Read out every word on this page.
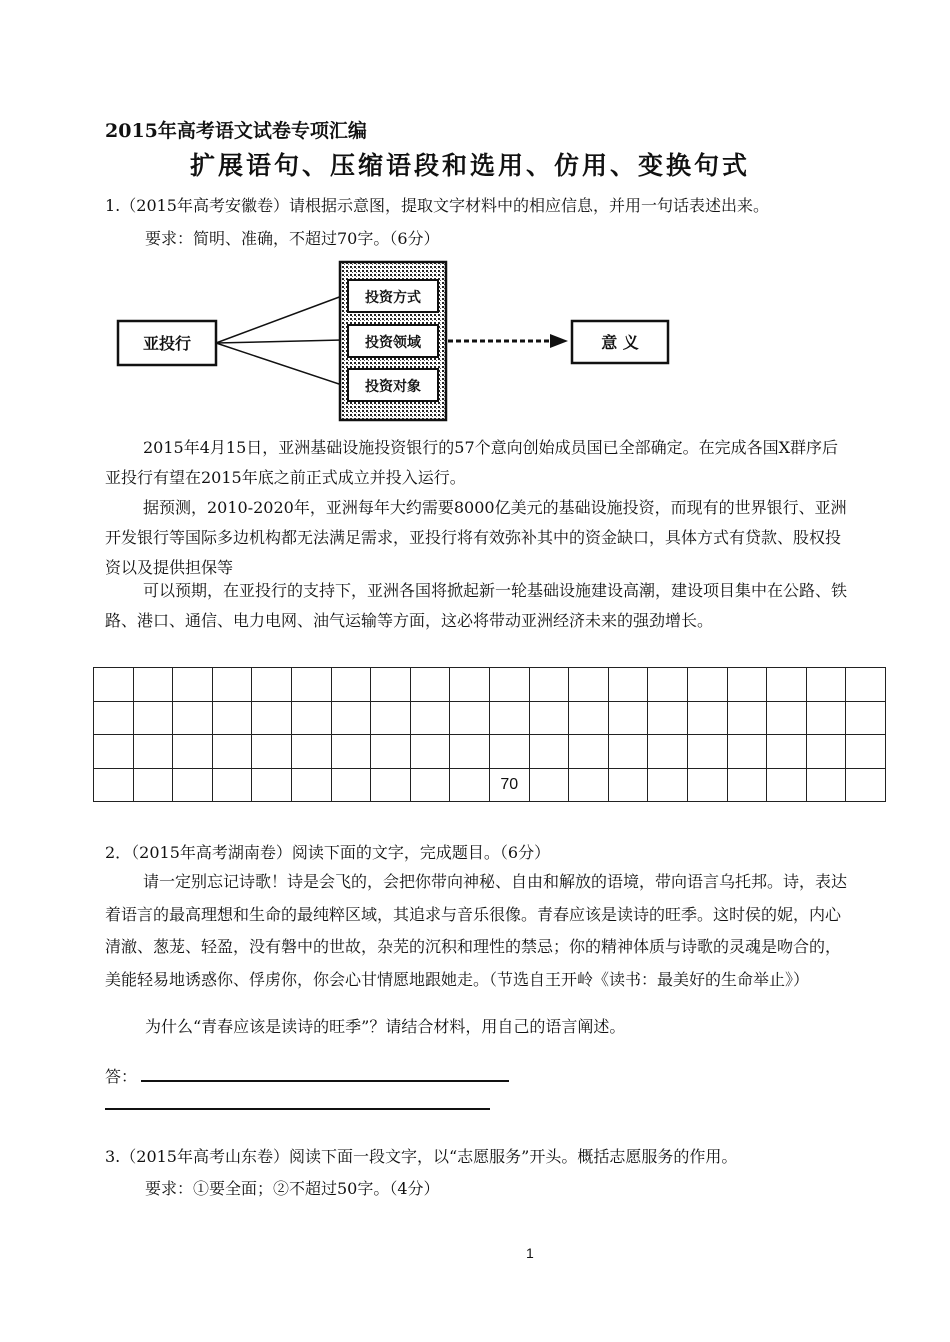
2015年高考语文试卷专项汇编
扩展语句、压缩语段和选用、仿用、变换句式
1.（2015年高考安徽卷）请根据示意图，提取文字材料中的相应信息，并用一句话表述出来。
要求：简明、准确，不超过70字。（6分）
亚投行
投资方式
投资领域
投资对象
意 义
2015年4月15日，亚洲基础设施投资银行的57个意向创始成员国已全部确定。在完成各国X群序后亚投行有望在2015年底之前正式成立并投入运行。
据预测，2010-2020年，亚洲每年大约需要8000亿美元的基础设施投资，而现有的世界银行、亚洲开发银行等国际多边机构都无法满足需求，亚投行将有效弥补其中的资金缺口，具体方式有贷款、股权投资以及提供担保等
可以预期，在亚投行的支持下，亚洲各国将掀起新一轮基础设施建设高潮，建设项目集中在公路、铁路、港口、通信、电力电网、油气运输等方面，这必将带动亚洲经济未来的强劲增长。

										70									
2．（2015年高考湖南卷）阅读下面的文字，完成题目。（6分）
请一定别忘记诗歌！诗是会飞的，会把你带向神秘、自由和解放的语境，带向语言乌托邦。诗，表达着语言的最高理想和生命的最纯粹区域，其追求与音乐很像。青春应该是读诗的旺季。这时侯的妮，内心清澈、葱茏、轻盈，没有磐中的世故，杂芜的沉积和理性的禁忌；你的精神体质与诗歌的灵魂是吻合的，美能轻易地诱惑你、俘虏你，你会心甘情愿地跟她走。（节选自王开岭《读书：最美好的生命举止》）
为什么“青春应该是读诗的旺季”？请结合材料，用自己的语言阐述。
答：
3.（2015年高考山东卷）阅读下面一段文字，以“志愿服务”开头。概括志愿服务的作用。
要求：①要全面；②不超过50字。（4分）
1
